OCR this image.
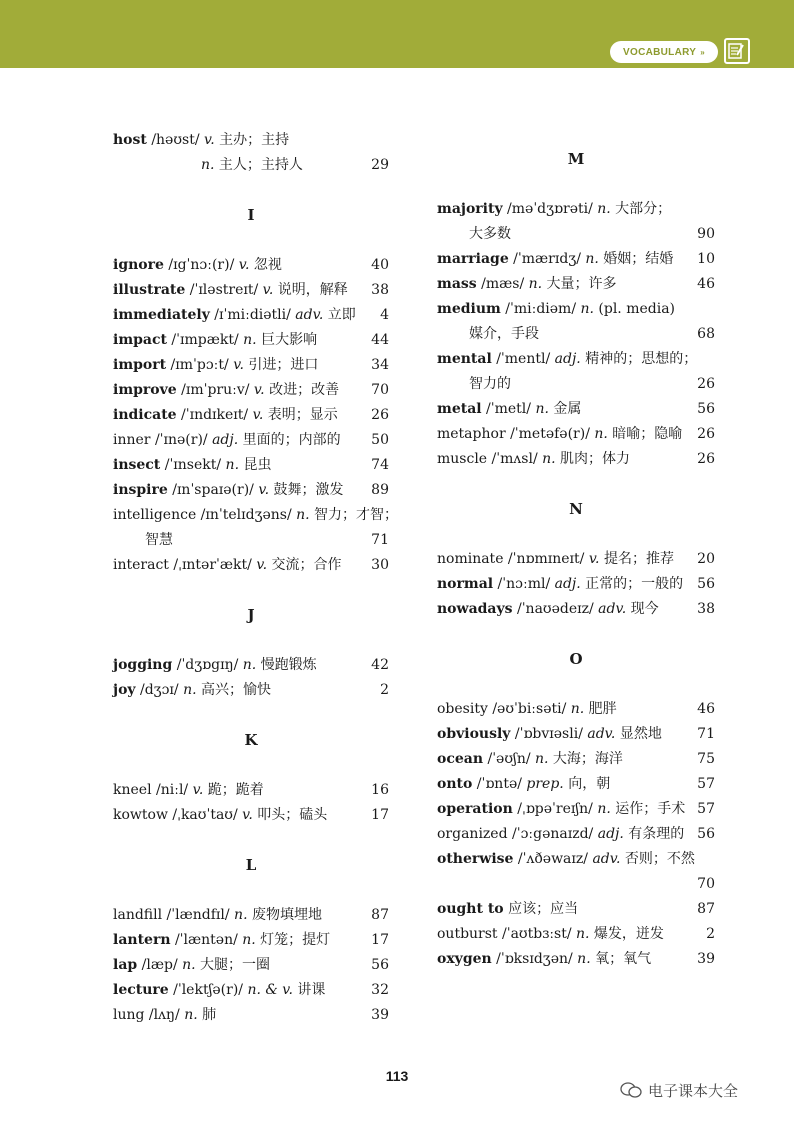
VOCABULARY »
host /həʊst/ v. 主办；主持
n. 主人；主持人	29
I
ignore /ɪgˈnɔː(r)/ v. 忽视	40
illustrate /ˈɪləstreɪt/ v. 说明，解释 38
immediately /ɪˈmiːdiətli/ adv. 立即 4
impact /ˈɪmpækt/ n. 巨大影响	44
import /ɪmˈpɔːt/ v. 引进；进口	34
improve /ɪmˈpruːv/ v. 改进；改善 70
indicate /ˈɪndɪkeɪt/ v. 表明；显示 26
inner /ˈɪnə(r)/ adj. 里面的；内部的 50
insect /ˈɪnsekt/ n. 昆虫	74
inspire /ɪnˈspaɪə(r)/ v. 鼓舞；激发 89
intelligence /ɪnˈtelɪdʒəns/ n. 智力；才智；
智慧	71
interact /ˌɪntərˈækt/ v. 交流；合作 30
J
jogging /ˈdʒɒgɪŋ/ n. 慢跑锻炼	42
joy /dʒɔɪ/ n. 高兴；愉快	2
K
kneel /niːl/ v. 跪；跪着	16
kowtow /ˌkaʊˈtaʊ/ v. 叩头；磕头	17
L
landfill /ˈlændfɪl/ n. 废物填埋地	87
lantern /ˈlæntən/ n. 灯笼；提灯	17
lap /læp/ n. 大腿；一圈	56
lecture /ˈlektʃə(r)/ n. & v. 讲课	32
lung /lʌŋ/ n. 肺	39
M
majority /məˈdʒɒrəti/ n. 大部分；
大多数	90
marriage /ˈmærɪdʒ/ n. 婚姻；结婚 10
mass /mæs/ n. 大量；许多	46
medium /ˈmiːdiəm/ n. (pl. media)
媒介，手段	68
mental /ˈmentl/ adj. 精神的；思想的；
智力的	26
metal /ˈmetl/ n. 金属	56
metaphor /ˈmetəfə(r)/ n. 暗喻；隐喻 26
muscle /ˈmʌsl/ n. 肌肉；体力	26
N
nominate /ˈnɒmɪneɪt/ v. 提名；推荐 20
normal /ˈnɔːml/ adj. 正常的；一般的 56
nowadays /ˈnaʊədeɪz/ adv. 现今	38
O
obesity /əʊˈbiːsəti/ n. 肥胖	46
obviously /ˈɒbvɪəsli/ adv. 显然地	71
ocean /ˈəʊʃn/ n. 大海；海洋	75
onto /ˈɒntə/ prep. 向，朝	57
operation /ˌɒpəˈreɪʃn/ n. 运作；手术 57
organized /ˈɔːgənaɪzd/ adj. 有条理的 56
otherwise /ˈʌðəwaɪz/ adv. 否则；不然
70
ought to 应该；应当	87
outburst /ˈaʊtbɜːst/ n. 爆发，迸发	2
oxygen /ˈɒksɪdʒən/ n. 氧；氧气	39
113
电子课本大全
